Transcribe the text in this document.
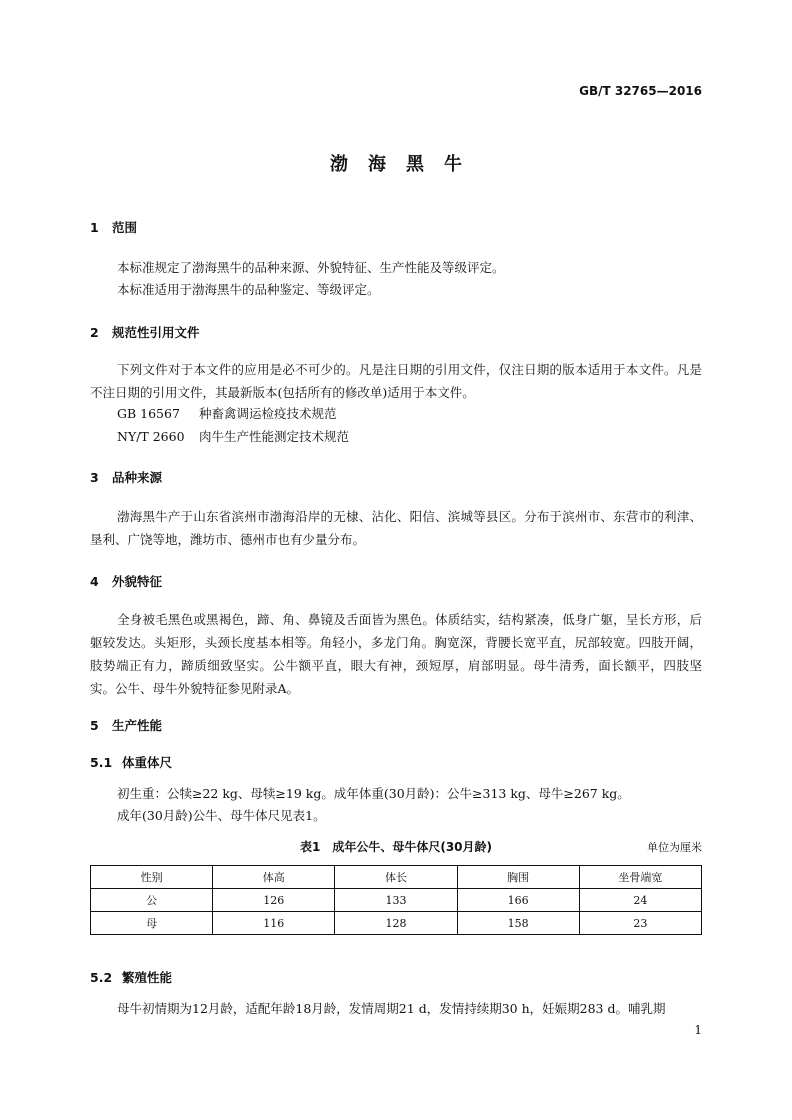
GB/T 32765—2016
渤海黑牛
1 范围
本标准规定了渤海黑牛的品种来源、外貌特征、生产性能及等级评定。
本标准适用于渤海黑牛的品种鉴定、等级评定。
2 规范性引用文件
下列文件对于本文件的应用是必不可少的。凡是注日期的引用文件，仅注日期的版本适用于本文件。凡是不注日期的引用文件，其最新版本(包括所有的修改单)适用于本文件。
GB 16567 种畜禽调运检疫技术规范
NY/T 2660 肉牛生产性能测定技术规范
3 品种来源
渤海黑牛产于山东省滨州市渤海沿岸的无棣、沾化、阳信、滨城等县区。分布于滨州市、东营市的利津、垦利、广饶等地，潍坊市、德州市也有少量分布。
4 外貌特征
全身被毛黑色或黑褐色，蹄、角、鼻镜及舌面皆为黑色。体质结实，结构紧凑，低身广躯，呈长方形，后躯较发达。头矩形，头颈长度基本相等。角轻小，多龙门角。胸宽深，背腰长宽平直，尻部较宽。四肢开阔，肢势端正有力，蹄质细致坚实。公牛额平直，眼大有神，颈短厚，肩部明显。母牛清秀，面长额平，四肢坚实。公牛、母牛外貌特征参见附录A。
5 生产性能
5.1 体重体尺
初生重：公犊≥22 kg、母犊≥19 kg。成年体重(30月龄)：公牛≥313 kg、母牛≥267 kg。
成年(30月龄)公牛、母牛体尺见表1。
表1　成年公牛、母牛体尺(30月龄)	单位为厘米
性别	体高	体长	胸围	坐骨端宽
公	126	133	166	24
母	116	128	158	23
5.2 繁殖性能
母牛初情期为12月龄，适配年龄18月龄，发情周期21 d，发情持续期30 h，妊娠期283 d。哺乳期
1
